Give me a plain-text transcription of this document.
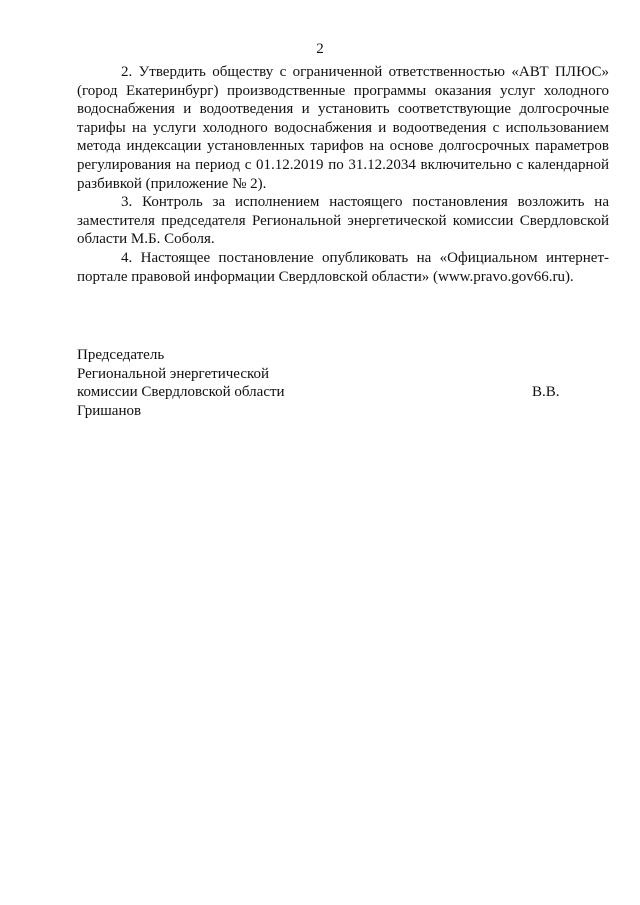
2

2. Утвердить обществу с ограниченной ответственностью «АВТ ПЛЮС» (город Екатеринбург) производственные программы оказания услуг холодного водоснабжения и водоотведения и установить соответствующие долгосрочные тарифы на услуги холодного водоснабжения и водоотведения с использованием метода индексации установленных тарифов на основе долгосрочных параметров регулирования на период с 01.12.2019 по 31.12.2034 включительно с календарной разбивкой (приложение № 2).

3. Контроль за исполнением настоящего постановления возложить на заместителя председателя Региональной энергетической комиссии Свердловской области М.Б. Соболя.

4. Настоящее постановление опубликовать на «Официальном интернет-портале правовой информации Свердловской области» (www.pravo.gov66.ru).

Председатель
Региональной энергетической
комиссии Свердловской области	В.В.
Гришанов
